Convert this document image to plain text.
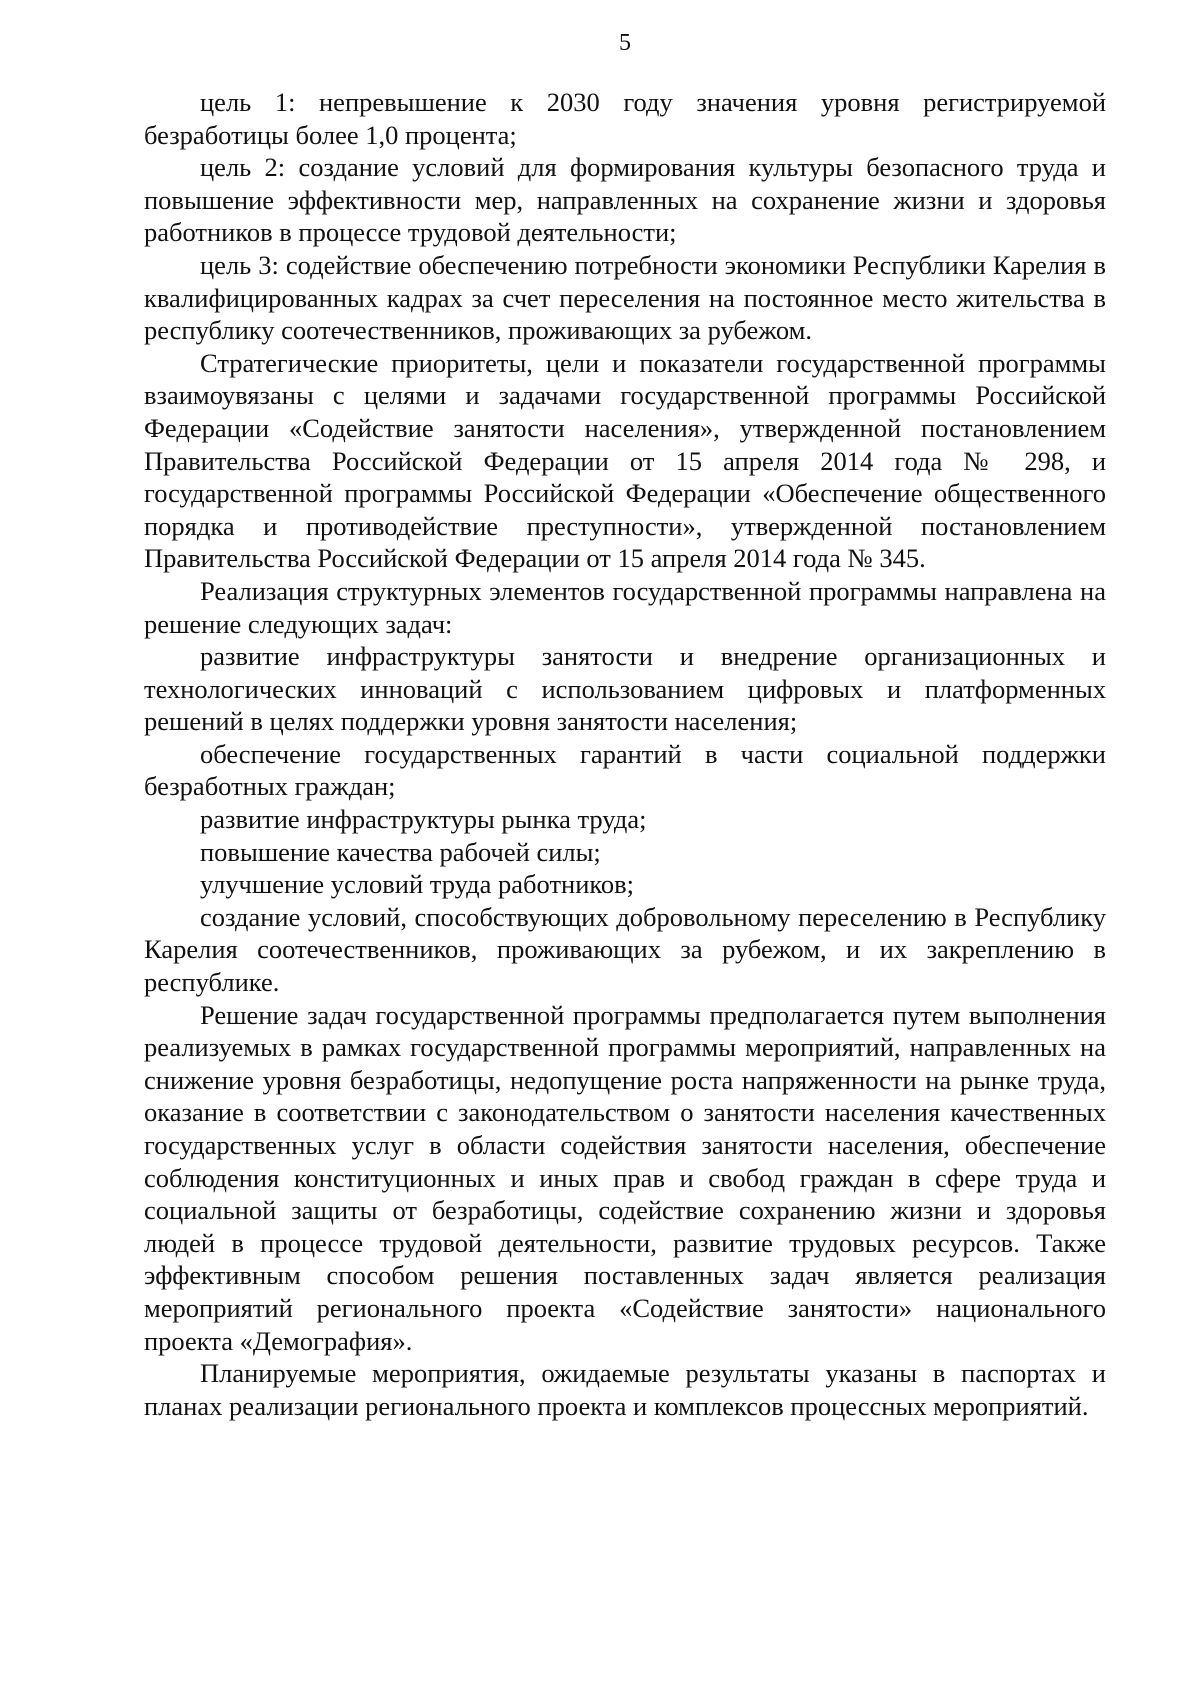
5

цель 1: непревышение к 2030 году значения уровня регистрируемой безработицы более 1,0 процента;

цель 2: создание условий для формирования культуры безопасного труда и повышение эффективности мер, направленных на сохранение жизни и здоровья работников в процессе трудовой деятельности;

цель 3: содействие обеспечению потребности экономики Республики Карелия в квалифицированных кадрах за счет переселения на постоянное место жительства в республику соотечественников, проживающих за рубежом.

Стратегические приоритеты, цели и показатели государственной программы взаимоувязаны с целями и задачами государственной программы Российской Федерации «Содействие занятости населения», утвержденной постановлением Правительства Российской Федерации от 15 апреля 2014 года № 298, и государственной программы Российской Федерации «Обеспечение общественного порядка и противодействие преступности», утвержденной постановлением Правительства Российской Федерации от 15 апреля 2014 года № 345.

Реализация структурных элементов государственной программы направлена на решение следующих задач:

развитие инфраструктуры занятости и внедрение организационных и технологических инноваций с использованием цифровых и платформенных решений в целях поддержки уровня занятости населения;

обеспечение государственных гарантий в части социальной поддержки безработных граждан;

развитие инфраструктуры рынка труда;

повышение качества рабочей силы;

улучшение условий труда работников;

создание условий, способствующих добровольному переселению в Республику Карелия соотечественников, проживающих за рубежом, и их закреплению в республике.

Решение задач государственной программы предполагается путем выполнения реализуемых в рамках государственной программы мероприятий, направленных на снижение уровня безработицы, недопущение роста напряженности на рынке труда, оказание в соответствии с законодательством о занятости населения качественных государственных услуг в области содействия занятости населения, обеспечение соблюдения конституционных и иных прав и свобод граждан в сфере труда и социальной защиты от безработицы, содействие сохранению жизни и здоровья людей в процессе трудовой деятельности, развитие трудовых ресурсов. Также эффективным способом решения поставленных задач является реализация мероприятий регионального проекта «Содействие занятости» национального проекта «Демография».

Планируемые мероприятия, ожидаемые результаты указаны в паспортах и планах реализации регионального проекта и комплексов процессных мероприятий.
